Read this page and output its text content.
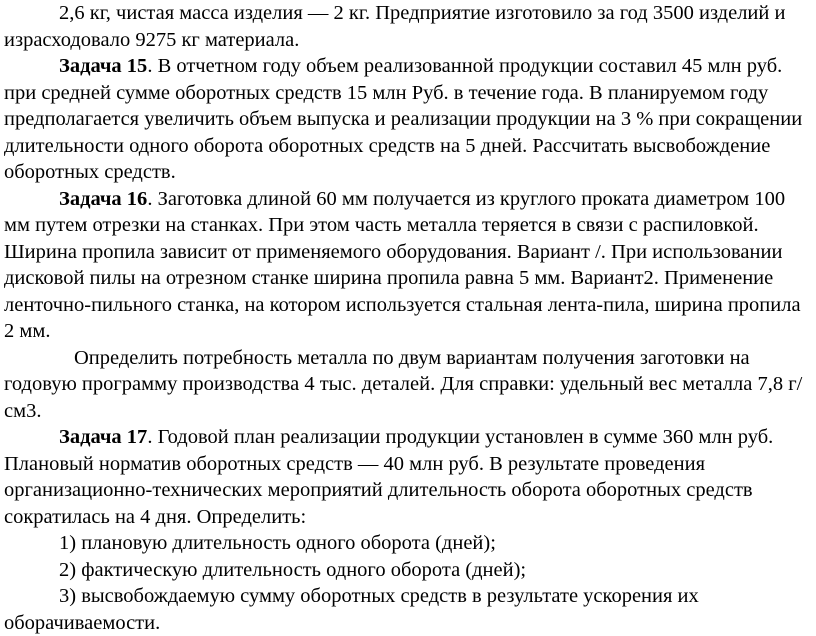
2,6 кг, чистая масса изделия — 2 кг. Предприятие изготовило за год 3500 изделий и израсходовало 9275 кг материала.

Задача 15. В отчетном году объем реализованной продукции составил 45 млн руб. при средней сумме оборотных средств 15 млн Руб. в течение года. В планируемом году предполагается увеличить объем выпуска и реализации продукции на 3 % при сокращении длительности одного оборота оборотных средств на 5 дней. Рассчитать высвобождение оборотных средств.

Задача 16. Заготовка длиной 60 мм получается из круглого проката диаметром 100 мм путем отрезки на станках. При этом часть металла теряется в связи с распиловкой. Ширина пропила зависит от применяемого оборудования. Вариант /. При использовании дисковой пилы на отрезном станке ширина пропила равна 5 мм. Вариант2. Применение ленточно-пильного станка, на котором используется стальная лента-пила, ширина пропила 2 мм.

Определить потребность металла по двум вариантам получения заготовки на годовую программу производства 4 тыс. деталей. Для справки: удельный вес металла 7,8 г/см3.

Задача 17. Годовой план реализации продукции установлен в сумме 360 млн руб. Плановый норматив оборотных средств — 40 млн руб. В результате проведения организационно-технических мероприятий длительность оборота оборотных средств сократилась на 4 дня. Определить:

1) плановую длительность одного оборота (дней);

2) фактическую длительность одного оборота (дней);

3) высвобождаемую сумму оборотных средств в результате ускорения их оборачиваемости.
